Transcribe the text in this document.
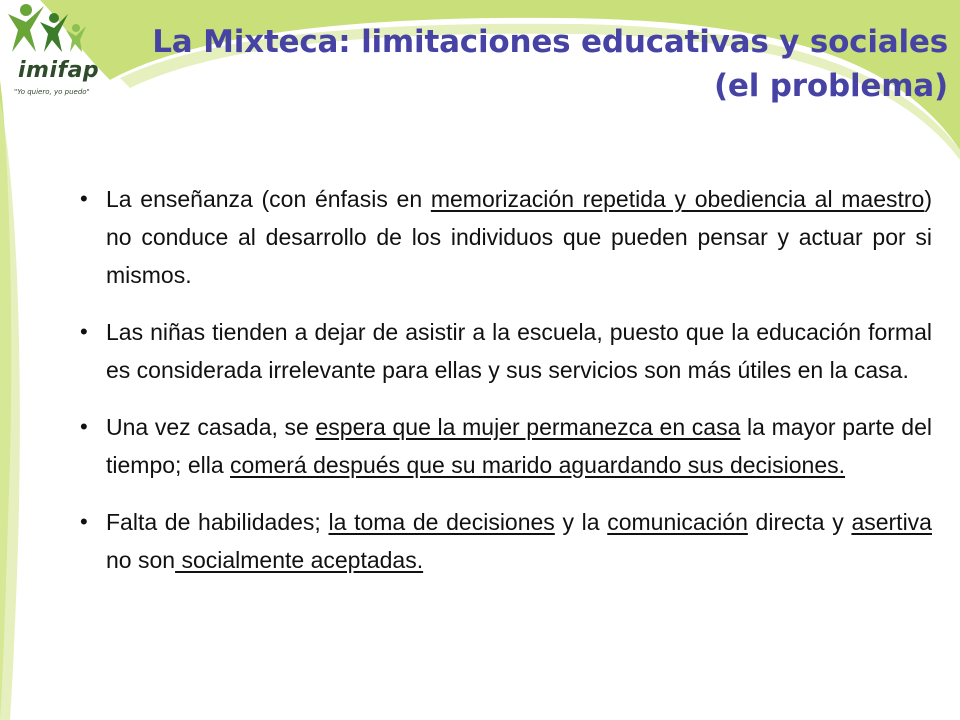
imifap
"Yo quiero, yo puedo"
La Mixteca: limitaciones educativas y sociales
(el problema)
• La enseñanza (con énfasis en memorización repetida y obediencia al maestro) no conduce al desarrollo de los individuos que pueden pensar y actuar por si mismos.
• Las niñas tienden a dejar de asistir a la escuela, puesto que la educación formal es considerada irrelevante para ellas y sus servicios son más útiles en la casa.
• Una vez casada, se espera que la mujer permanezca en casa la mayor parte del tiempo; ella comerá después que su marido aguardando sus decisiones.
• Falta de habilidades; la toma de decisiones y la comunicación directa y asertiva no son socialmente aceptadas.
